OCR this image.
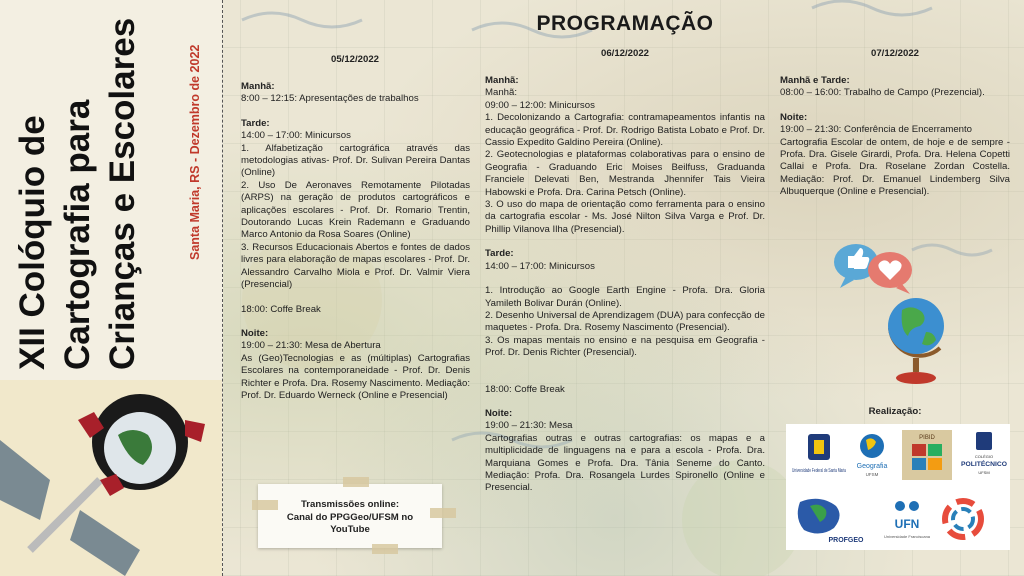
XII Colóquio de Cartografia para Crianças e Escolares	Santa Maria, RS - Dezembro de 2022
PROGRAMAÇÃO
05/12/2022
06/12/2022	07/12/2022

Manhã:

8:00 – 12:15: Apresentações de trabalhos

Tarde:

14:00 – 17:00: Minicursos

1. Alfabetização cartográfica através das metodologias ativas- Prof. Dr. Sulivan Pereira Dantas (Online)

2. Uso De Aeronaves Remotamente Pilotadas (ARPS) na geração de produtos cartográficos e aplicações escolares - Prof. Dr. Romario Trentin, Doutorando Lucas Krein Rademann e Graduando Marco Antonio da Rosa Soares (Online)

3. Recursos Educacionais Abertos e fontes de dados livres para elaboração de mapas escolares - Prof. Dr. Alessandro Carvalho Miola e Prof. Dr. Valmir Viera (Presencial)

18:00: Coffe Break

Noite:

19:00 – 21:30: Mesa de Abertura

As (Geo)Tecnologias e as (múltiplas) Cartografias Escolares na contemporaneidade - Prof. Dr. Denis Richter e Profa. Dra. Rosemy Nascimento. Mediação: Prof. Dr. Eduardo Werneck (Online e Presencial)

Transmissões online:
Canal do PPGGeo/UFSM no
YouTube

Manhã:

Manhã:

09:00 – 12:00: Minicursos

1. Decolonizando a Cartografia: contramapeamentos infantis na educação geográfica - Prof. Dr. Rodrigo Batista Lobato e Prof. Dr. Cassio Expedito Galdino Pereira (Online).

2. Geotecnologias e plataformas colaborativas para o ensino de Geografia - Graduando Eric Moises Beilfuss, Graduanda Franciele Delevati Ben, Mestranda Jhennifer Tais Vieira Habowski e Profa. Dra. Carina Petsch (Online).

3. O uso do mapa de orientação como ferramenta para o ensino da cartografia escolar - Ms. José Nilton Silva Varga e Prof. Dr. Phillip Vilanova Ilha (Presencial).

Tarde:

14:00 – 17:00: Minicursos

1. Introdução ao Google Earth Engine - Profa. Dra. Gloria Yamileth Bolivar Durán (Online).

2. Desenho Universal de Aprendizagem (DUA) para confecção de maquetes - Profa. Dra. Rosemy Nascimento (Presencial).

3. Os mapas mentais no ensino e na pesquisa em Geografia - Prof. Dr. Denis Richter (Presencial).

18:00: Coffe Break

Noite:

19:00 – 21:30: Mesa

Cartografias outras e outras cartografias: os mapas e a multiplicidade de linguagens na e para a escola - Profa. Dra. Marquiana Gomes e Profa. Dra. Tânia Seneme do Canto. Mediação: Profa. Dra. Rosangela Lurdes Spironello (Online e Presencial.

Manhã e Tarde:

08:00 – 16:00: Trabalho de Campo (Prezencial).

Noite:

19:00 – 21:30: Conferência de Encerramento

Cartografia Escolar de ontem, de hoje e de sempre - Profa. Dra. Gisele Girardi, Profa. Dra. Helena Copetti Callai e Profa. Dra. Roselane Zordan Costella. Mediação: Prof. Dr. Emanuel Lindemberg Silva Albuquerque (Online e Presencial).

Realização:
Universidade Federal de Santa Maria
Geografia
UFSM
PIBID
COLÉGIO
POLITÉCNICO
UFSM
PROFGEO
UFN
Universidade Franciscana
